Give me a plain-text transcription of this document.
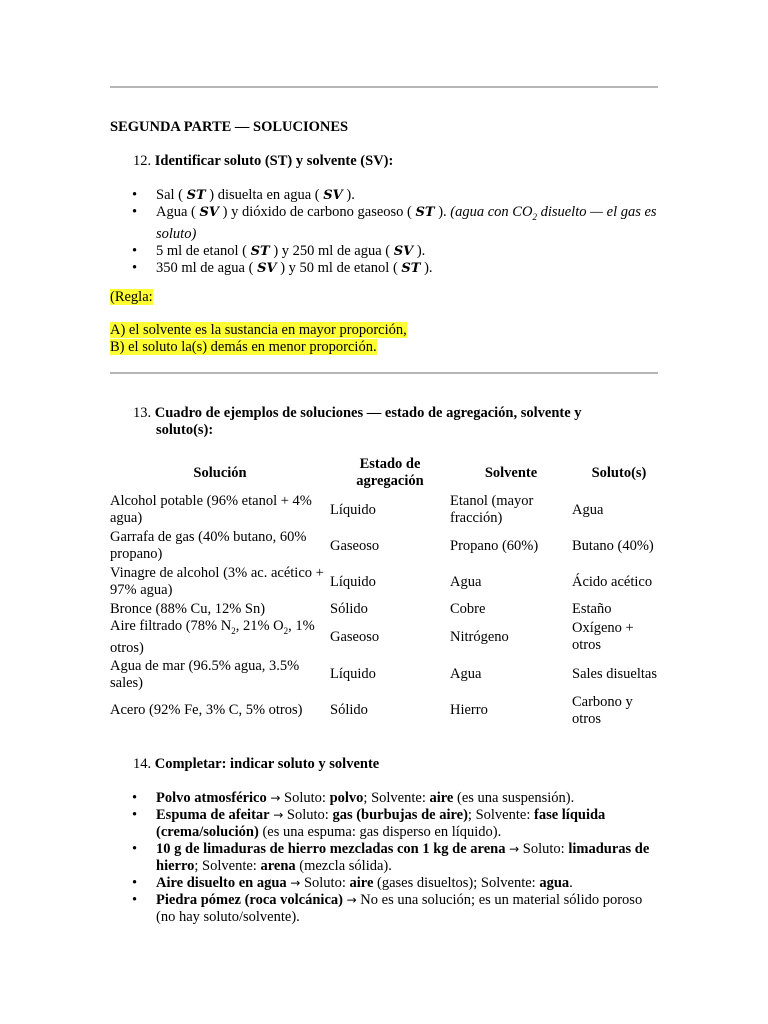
SEGUNDA PARTE — SOLUCIONES
12. Identificar soluto (ST) y solvente (SV):
• Sal ( ST ) disuelta en agua ( SV ).
• Agua ( SV ) y dióxido de carbono gaseoso ( ST ). (agua con $CO_2$ disuelto — el gas es soluto)
• 5 ml de etanol ( ST ) y 250 ml de agua ( SV ).
• 350 ml de agua ( SV ) y 50 ml de etanol ( ST ).
(Regla:
A) el solvente es la sustancia en mayor proporción,
B) el soluto la(s) demás en menor proporción.
13. Cuadro de ejemplos de soluciones — estado de agregación, solvente y
soluto(s):
Solución	Estado de agregación	Solvente	Soluto(s)
Alcohol potable (96% etanol + 4% agua)	Líquido	Etanol (mayor fracción)	Agua
Garrafa de gas (40% butano, 60% propano)	Gaseoso	Propano (60%)	Butano (40%)
Vinagre de alcohol (3% ac. acético + 97% agua)	Líquido	Agua	Ácido acético
Bronce (88% Cu, 12% Sn)	Sólido	Cobre	Estaño
Aire filtrado (78% $N_2$, 21% $O_2$, 1% otros)	Gaseoso	Nitrógeno	Oxígeno + otros
Agua de mar (96.5% agua, 3.5% sales)	Líquido	Agua	Sales disueltas
Acero (92% Fe, 3% C, 5% otros)	Sólido	Hierro	Carbono y otros
14. Completar: indicar soluto y solvente
• Polvo atmosférico → Soluto: polvo; Solvente: aire (es una suspensión).
• Espuma de afeitar → Soluto: gas (burbujas de aire); Solvente: fase líquida (crema/solución) (es una espuma: gas disperso en líquido).
• 10 g de limaduras de hierro mezcladas con 1 kg de arena → Soluto: limaduras de hierro; Solvente: arena (mezcla sólida).
• Aire disuelto en agua → Soluto: aire (gases disueltos); Solvente: agua.
• Piedra pómez (roca volcánica) → No es una solución; es un material sólido poroso (no hay soluto/solvente).
